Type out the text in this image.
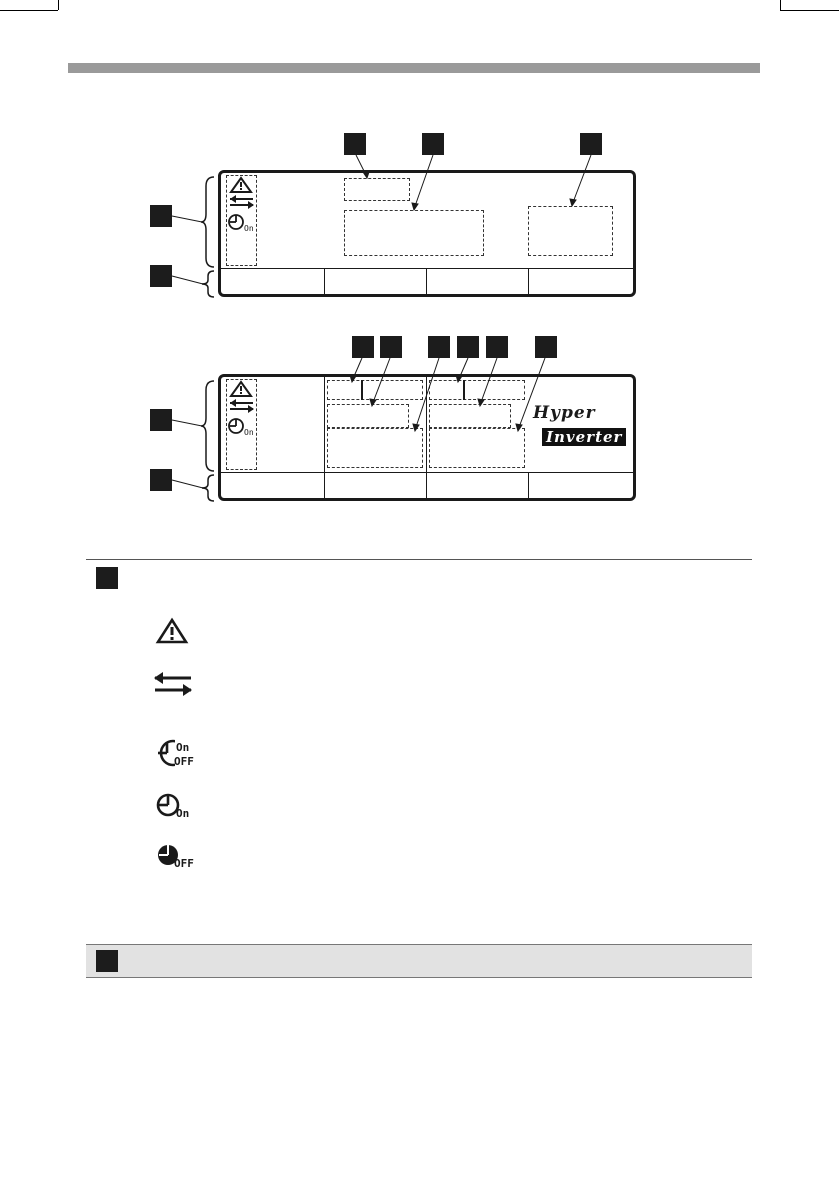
On
Hyper
Inverter
On
On
OFF
On
OFF
